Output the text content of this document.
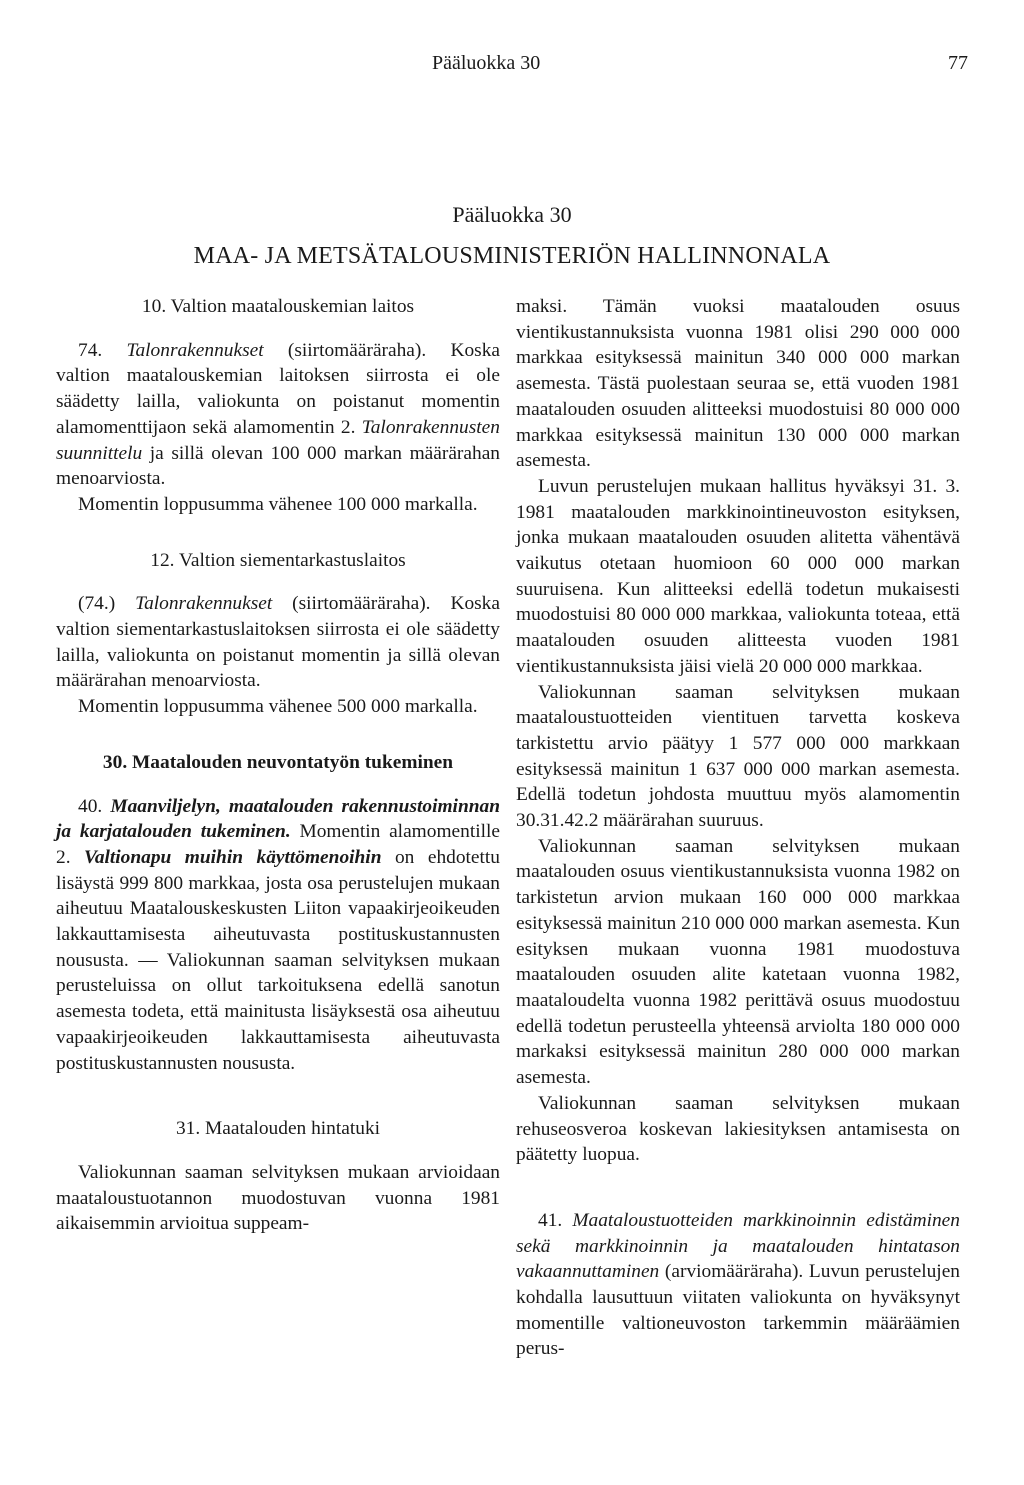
Pääluokka 30	77
Pääluokka 30
MAA- JA METSÄTALOUSMINISTERIÖN HALLINNONALA
10. Valtion maatalouskemian laitos

74. Talonrakennukset (siirtomääräraha). Koska valtion maatalouskemian laitoksen siirrosta ei ole säädetty lailla, valiokunta on poistanut momentin alamomenttijaon sekä alamomentin 2. Talonrakennusten suunnittelu ja sillä olevan 100 000 markan määrärahan menoarviosta.

Momentin loppusumma vähenee 100 000 markalla.

12. Valtion siementarkastuslaitos

(74.) Talonrakennukset (siirtomääräraha). Koska valtion siementarkastuslaitoksen siirrosta ei ole säädetty lailla, valiokunta on poistanut momentin ja sillä olevan määrärahan menoarviosta.

Momentin loppusumma vähenee 500 000 markalla.

30. Maatalouden neuvontatyön tukeminen

40. Maanviljelyn, maatalouden rakennustoiminnan ja karjatalouden tukeminen. Momentin alamomentille 2. Valtionapu muihin käyttömenoihin on ehdotettu lisäystä 999 800 markkaa, josta osa perustelujen mukaan aiheutuu Maatalouskeskusten Liiton vapaakirjeoikeuden lakkauttamisesta aiheutuvasta postituskustannusten noususta. — Valiokunnan saaman selvityksen mukaan perusteluissa on ollut tarkoituksena edellä sanotun asemesta todeta, että mainitusta lisäyksestä osa aiheutuu vapaakirjeoikeuden lakkauttamisesta aiheutuvasta postituskustannusten noususta.

31. Maatalouden hintatuki

Valiokunnan saaman selvityksen mukaan arvioidaan maataloustuotannon muodostuvan vuonna 1981 aikaisemmin arvioitua suppeam-

maksi. Tämän vuoksi maatalouden osuus vientikustannuksista vuonna 1981 olisi 290 000 000 markkaa esityksessä mainitun 340 000 000 markan asemesta. Tästä puolestaan seuraa se, että vuoden 1981 maatalouden osuuden alitteeksi muodostuisi 80 000 000 markkaa esityksessä mainitun 130 000 000 markan asemesta.

Luvun perustelujen mukaan hallitus hyväksyi 31. 3. 1981 maatalouden markkinointineuvoston esityksen, jonka mukaan maatalouden osuuden alitetta vähentävä vaikutus otetaan huomioon 60 000 000 markan suuruisena. Kun alitteeksi edellä todetun mukaisesti muodostuisi 80 000 000 markkaa, valiokunta toteaa, että maatalouden osuuden alitteesta vuoden 1981 vientikustannuksista jäisi vielä 20 000 000 markkaa.

Valiokunnan saaman selvityksen mukaan maataloustuotteiden vientituen tarvetta koskeva tarkistettu arvio päätyy 1 577 000 000 markkaan esityksessä mainitun 1 637 000 000 markan asemesta. Edellä todetun johdosta muuttuu myös alamomentin 30.31.42.2 määrärahan suuruus.

Valiokunnan saaman selvityksen mukaan maatalouden osuus vientikustannuksista vuonna 1982 on tarkistetun arvion mukaan 160 000 000 markkaa esityksessä mainitun 210 000 000 markan asemesta. Kun esityksen mukaan vuonna 1981 muodostuva maatalouden osuuden alite katetaan vuonna 1982, maataloudelta vuonna 1982 perittävä osuus muodostuu edellä todetun perusteella yhteensä arviolta 180 000 000 markaksi esityksessä mainitun 280 000 000 markan asemesta.

Valiokunnan saaman selvityksen mukaan rehuseosveroa koskevan lakiesityksen antamisesta on päätetty luopua.

41. Maataloustuotteiden markkinoinnin edistäminen sekä markkinoinnin ja maatalouden hintatason vakaannuttaminen (arviomääräraha). Luvun perustelujen kohdalla lausuttuun viitaten valiokunta on hyväksynyt momentille valtioneuvoston tarkemmin määräämien perus-
